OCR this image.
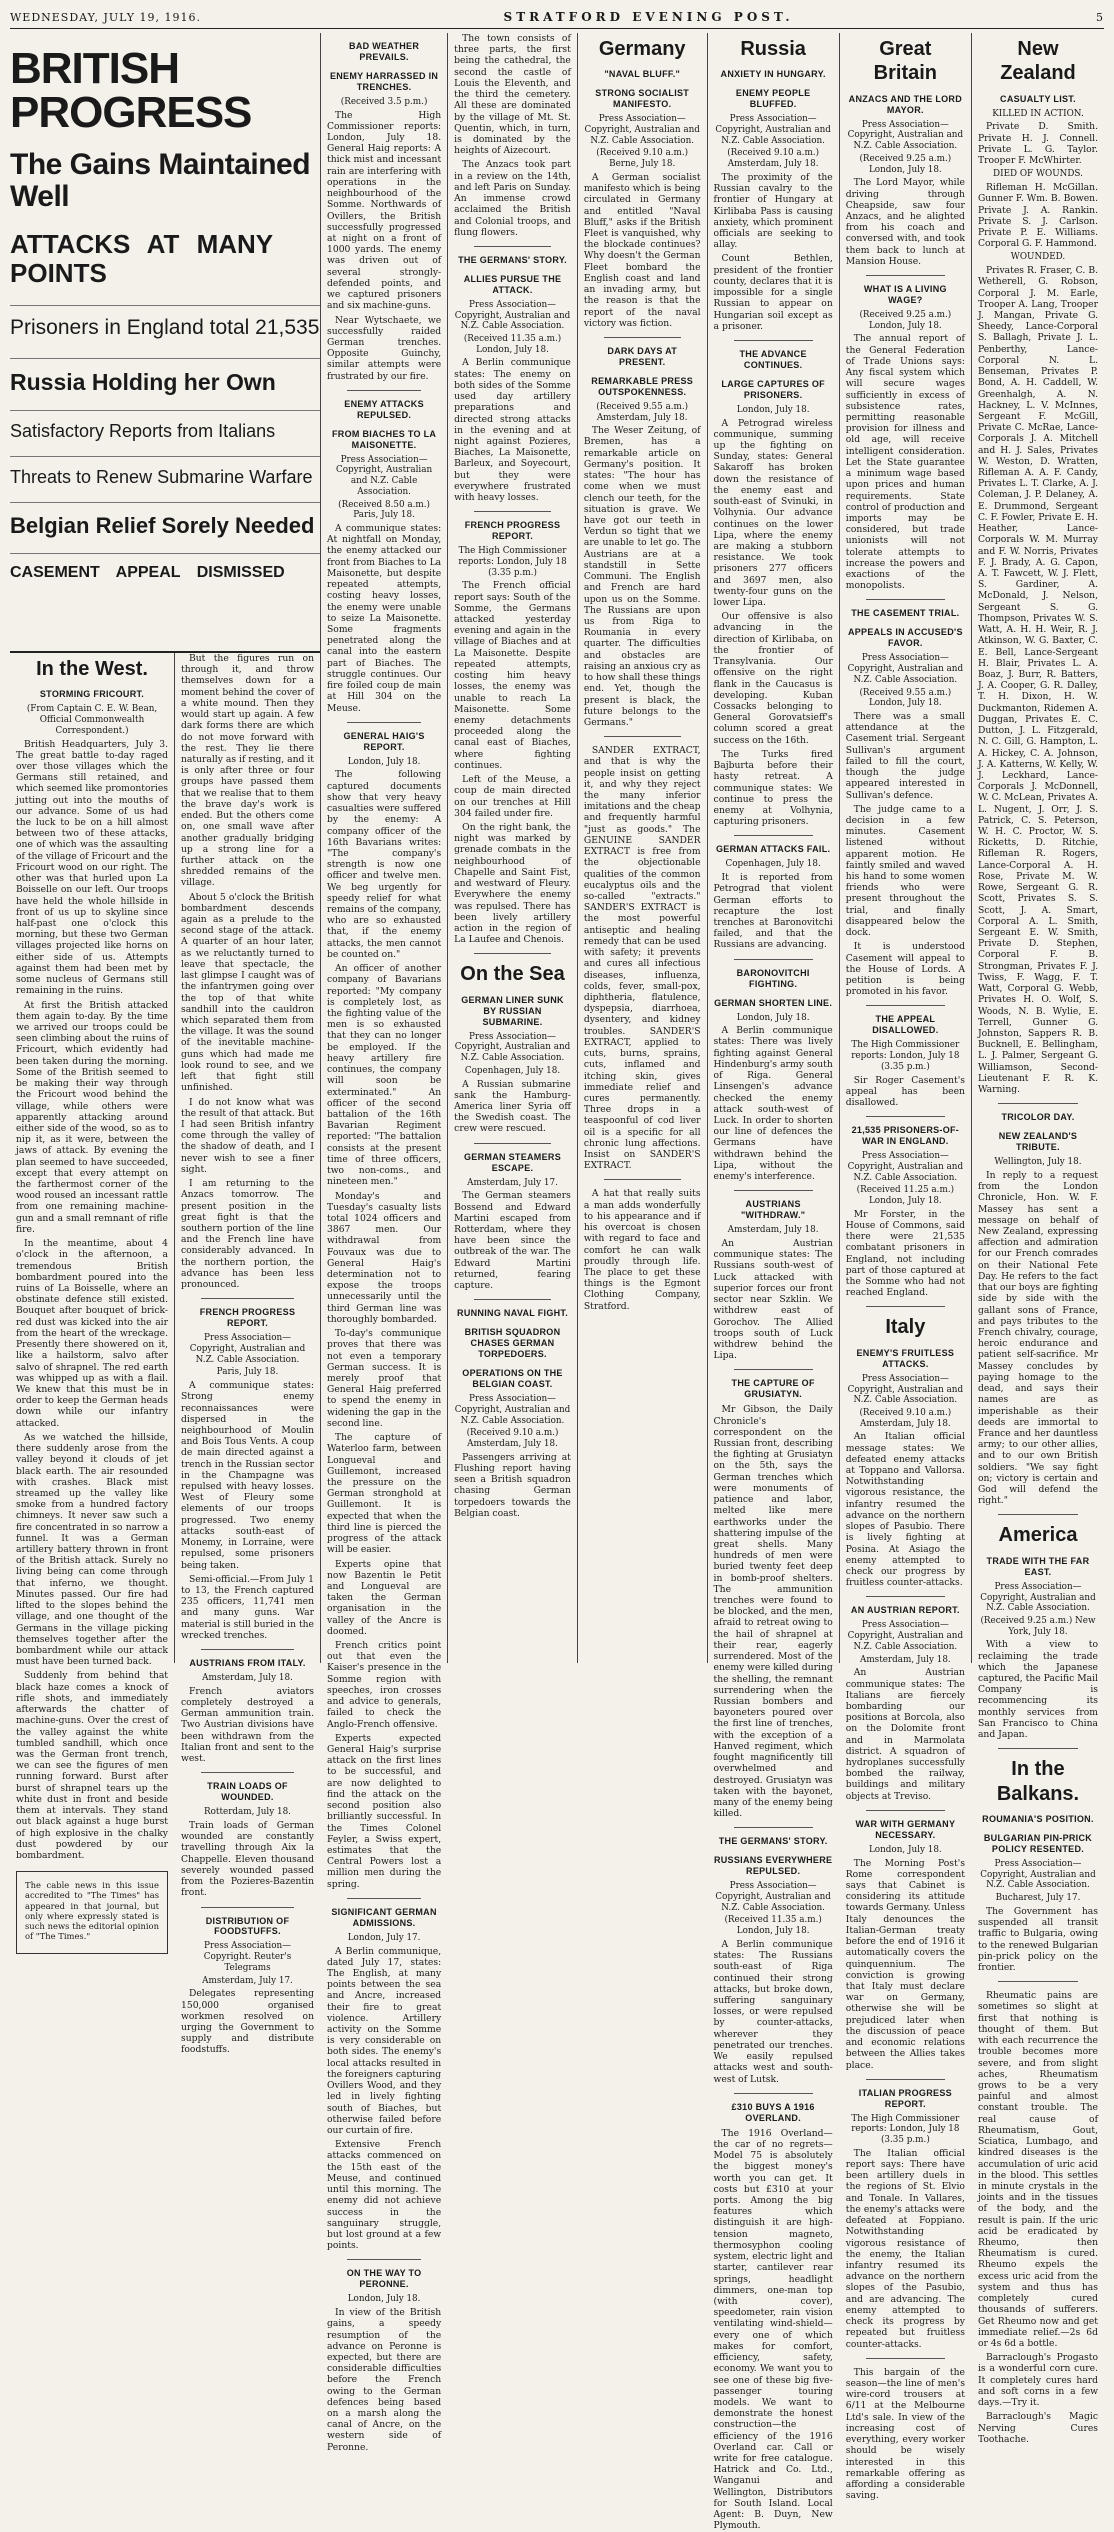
WEDNESDAY, JULY 19, 1916.	STRATFORD EVENING POST.	5
BRITISH PROGRESS
The Gains Maintained Well
ATTACKS AT MANY POINTS
Prisoners in England total 21,535
Russia Holding her Own
Satisfactory Reports from Italians
Threats to Renew Submarine Warfare
Belgian Relief Sorely Needed
CASEMENT APPEAL DISMISSED
In the West.
STORMING FRICOURT.
(From Captain C. E. W. Bean, Official Commonwealth Correspondent.)

British Headquarters, July 3. The great battle to-day raged over those villages which the Germans still retained, and which seemed like promontories jutting out into the mouths of our advance. Some of us had the luck to be on a hill almost between two of these attacks, one of which was the assaulting of the village of Fricourt and the Fricourt wood on our right. The other was that hurled upon La Boisselle on our left. Our troops have held the whole hillside in front of us up to skyline since half-past one o'clock this morning, but these two German villages projected like horns on either side of us. Attempts against them had been met by some nucleus of Germans still remaining in the ruins.

At first the British attacked them again to-day. By the time we arrived our troops could be seen climbing about the ruins of Fricourt, which evidently had been taken during the morning. Some of the British seemed to be making their way through the Fricourt wood behind the village, while others were apparently attacking around either side of the wood, so as to nip it, as it were, between the jaws of attack. By evening the plan seemed to have succeeded, except that every attempt on the farthermost corner of the wood roused an incessant rattle from one remaining machine-gun and a small remnant of rifle fire.

In the meantime, about 4 o'clock in the afternoon, a tremendous British bombardment poured into the ruins of La Boisselle, where an obstinate defence still existed. Bouquet after bouquet of brick-red dust was kicked into the air from the heart of the wreckage. Presently there showered on it, like a hailstorm, salvo after salvo of shrapnel. The red earth was whipped up as with a flail. We knew that this must be in order to keep the German heads down while our infantry attacked.

As we watched the hillside, there suddenly arose from the valley beyond it clouds of jet black earth. The air resounded with crashes. Black mist streamed up the valley like smoke from a hundred factory chimneys. It never saw such a fire concentrated in so narrow a funnel. It was a German artillery battery thrown in front of the British attack. Surely no living being can come through that inferno, we thought. Minutes passed. Our fire had lifted to the slopes behind the village, and one thought of the Germans in the village picking themselves together after the bombardment while our attack must have been turned back.

Suddenly from behind that black haze comes a knock of rifle shots, and immediately afterwards the chatter of machine-guns. Over the crest of the valley against the white tumbled sandhill, which once was the German front trench, we can see the figures of men running forward. Burst after burst of shrapnel tears up the white dust in front and beside them at intervals. They stand out black against a huge burst of high explosive in the chalky dust powdered by our bombardment.

The cable news in this issue accredited to "The Times" has appeared in that journal, but only where expressly stated is such news the editorial opinion of "The Times."

But the figures run on through it, and throw themselves down for a moment behind the cover of a white mound. Then they would start up again. A few dark forms there are which do not move forward with the rest. They lie there naturally as if resting, and it is only after three or four groups have passed them that we realise that to them the brave day's work is ended. But the others come on, one small wave after another gradually bridging up a strong line for a further attack on the shredded remains of the village.

About 5 o'clock the British bombardment descends again as a prelude to the second stage of the attack. A quarter of an hour later, as we reluctantly turned to leave that spectacle, the last glimpse I caught was of the infantrymen going over the top of that white sandhill into the cauldron which separated them from the village. It was the sound of the inevitable machine-guns which had made me look round to see, and we left that fight still unfinished.

I do not know what was the result of that attack. But I had seen British infantry come through the valley of the shadow of death, and I never wish to see a finer sight.

I am returning to the Anzacs tomorrow. The present position in the great fight is that the southern portion of the line and the French line have considerably advanced. In the northern portion, the advance has been less pronounced.

FRENCH PROGRESS REPORT.
Press Association—Copyright, Australian and N.Z. Cable Association.
Paris, July 18.

A communique states: Strong enemy reconnaissances were dispersed in the neighbourhood of Moulin and Bois Tous Vents. A coup de main directed against a trench in the Russian sector in the Champagne was repulsed with heavy losses. West of Fleury some elements of our troops progressed. Two enemy attacks south-east of Monemy, in Lorraine, were repulsed, some prisoners being taken.

Semi-official.—From July 1 to 13, the French captured 235 officers, 11,741 men and many guns. War material is still buried in the wrecked trenches.

AUSTRIANS FROM ITALY.
Amsterdam, July 18.

French aviators completely destroyed a German ammunition train. Two Austrian divisions have been withdrawn from the Italian front and sent to the west.

TRAIN LOADS OF WOUNDED.
Rotterdam, July 18.

Train loads of German wounded are constantly travelling through Aix la Chappelle. Eleven thousand severely wounded passed from the Pozieres-Bazentin front.

DISTRIBUTION OF FOODSTUFFS.
Press Association—Copyright. Reuter's Telegrams
Amsterdam, July 17.

Delegates representing 150,000 organised workmen resolved on urging the Government to supply and distribute foodstuffs.

BAD WEATHER PREVAILS.
ENEMY HARRASSED IN TRENCHES.
(Received 3.5 p.m.)

The High Commissioner reports: London, July 18. General Haig reports: A thick mist and incessant rain are interfering with operations in the neighbourhood of the Somme. Northwards of Ovillers, the British successfully progressed at night on a front of 1000 yards. The enemy was driven out of several strongly-defended points, and we captured prisoners and six machine-guns.

Near Wytschaete, we successfully raided German trenches. Opposite Guinchy, similar attempts were frustrated by our fire.

ENEMY ATTACKS REPULSED.
FROM BIACHES TO LA MAISONETTE.
Press Association—Copyright, Australian and N.Z. Cable Association.
(Received 8.50 a.m.) Paris, July 18.

A communique states: At nightfall on Monday, the enemy attacked our front from Biaches to La Maisonette, but despite repeated attempts, costing heavy losses, the enemy were unable to seize La Maisonette. Some fragments penetrated along the canal into the eastern part of Biaches. The struggle continues. Our fire foiled coup de main at Hill 304 on the Meuse.

GENERAL HAIG'S REPORT.
London, July 18.

The following captured documents show that very heavy casualties were suffered by the enemy: A company officer of the 16th Bavarians writes: "The company's strength is now one officer and twelve men. We beg urgently for speedy relief for what remains of the company, who are so exhausted that, if the enemy attacks, the men cannot be counted on."

An officer of another company of Bavarians reported: "My company is completely lost, as the fighting value of the men is so exhausted that they can no longer be employed. If the heavy artillery fire continues, the company will soon be exterminated." An officer of the second battalion of the 16th Bavarian Regiment reported: "The battalion consists at the present time of three officers, two non-coms., and nineteen men."

Monday's and Tuesday's casualty lists total 1024 officers and 3867 men. Our withdrawal from Fouvaux was due to General Haig's determination not to expose the troops unnecessarily until the third German line was thoroughly bombarded.

To-day's communique proves that there was not even a temporary German success. It is merely proof that General Haig preferred to spend the enemy in widening the gap in the second line.

The capture of Waterloo farm, between Longueval and Guillemont, increased the pressure on the German stronghold at Guillemont. It is expected that when the third line is pierced the progress of the attack will be easier.

Experts opine that now Bazentin le Petit and Longueval are taken the German organisation in the valley of the Ancre is doomed.

French critics point out that even the Kaiser's presence in the Somme region with speeches, iron crosses and advice to generals, failed to check the Anglo-French offensive.

Experts expected General Haig's surprise attack on the first lines to be successful, and are now delighted to find the attack on the second position also brilliantly successful. In the Times Colonel Feyler, a Swiss expert, estimates that the Central Powers lost a million men during the spring.

SIGNIFICANT GERMAN ADMISSIONS.
London, July 17.

A Berlin communique, dated July 17, states: The English, at many points between the sea and Ancre, increased their fire to great violence. Artillery activity on the Somme is very considerable on both sides. The enemy's local attacks resulted in the foreigners capturing Ovillers Wood, and they led in lively fighting south of Biaches, but otherwise failed before our curtain of fire.

Extensive French attacks commenced on the 15th east of the Meuse, and continued until this morning. The enemy did not achieve success in the sanguinary struggle, but lost ground at a few points.

ON THE WAY TO PERONNE.
London, July 18.

In view of the British gains, a speedy resumption of the advance on Peronne is expected, but there are considerable difficulties before the French owing to the German defences being based on a marsh along the canal of Ancre, on the western side of Peronne.

The town consists of three parts, the first being the cathedral, the second the castle of Louis the Eleventh, and the third the cemetery. All these are dominated by the village of Mt. St. Quentin, which, in turn, is dominated by the heights of Aizecourt.

The Anzacs took part in a review on the 14th, and left Paris on Sunday. An immense crowd acclaimed the British and Colonial troops, and flung flowers.

THE GERMANS' STORY.
ALLIES PURSUE THE ATTACK.
Press Association—Copyright, Australian and N.Z. Cable Association.
(Received 11.35 a.m.) London, July 18.

A Berlin communique states: The enemy on both sides of the Somme used day artillery preparations and directed strong attacks in the evening and at night against Pozieres, Biaches, La Maisonette, Barleux, and Soyecourt, but they were everywhere frustrated with heavy losses.

FRENCH PROGRESS REPORT.
The High Commissioner reports: London, July 18 (3.35 p.m.)

The French official report says: South of the Somme, the Germans attacked yesterday evening and again in the village of Biaches and at La Maisonette. Despite repeated attempts, costing him heavy losses, the enemy was unable to reach La Maisonette. Some enemy detachments proceeded along the canal east of Biaches, where fighting continues.

Left of the Meuse, a coup de main directed on our trenches at Hill 304 failed under fire.

On the right bank, the night was marked by grenade combats in the neighbourhood of Chapelle and Saint Fist, and westward of Fleury. Everywhere the enemy was repulsed. There has been lively artillery action in the region of La Laufee and Chenois.

On the Sea
GERMAN LINER SUNK BY RUSSIAN SUBMARINE.
Press Association—Copyright, Australian and N.Z. Cable Association.
Copenhagen, July 18.

A Russian submarine sank the Hamburg-America liner Syria off the Swedish coast. The crew were rescued.

GERMAN STEAMERS ESCAPE.
Amsterdam, July 17.

The German steamers Bossend and Edward Martini escaped from Rotterdam, where they have been since the outbreak of the war. The Edward Martini returned, fearing capture.

RUNNING NAVAL FIGHT.
BRITISH SQUADRON CHASES GERMAN TORPEDOERS.
OPERATIONS ON THE BELGIAN COAST.
Press Association—Copyright, Australian and N.Z. Cable Association.
(Received 9.10 a.m.) Amsterdam, July 18.

Passengers arriving at Flushing report having seen a British squadron chasing German torpedoers towards the Belgian coast.

Germany
"NAVAL BLUFF."
STRONG SOCIALIST MANIFESTO.
Press Association—Copyright, Australian and N.Z. Cable Association.
(Received 9.10 a.m.) Berne, July 18.

A German socialist manifesto which is being circulated in Germany and entitled "Naval Bluff," asks if the British Fleet is vanquished, why the blockade continues? Why doesn't the German Fleet bombard the English coast and land an invading army, but the reason is that the report of the naval victory was fiction.

DARK DAYS AT PRESENT.
REMARKABLE PRESS OUTSPOKENNESS.
(Received 9.55 a.m.) Amsterdam, July 18.

The Weser Zeitung, of Bremen, has a remarkable article on Germany's position. It states: "The hour has come when we must clench our teeth, for the situation is grave. We have got our teeth in Verdun so tight that we are unable to let go. The Austrians are at a standstill in Sette Communi. The English and French are hard upon us on the Somme. The Russians are upon us from Riga to Roumania in every quarter. The difficulties and obstacles are raising an anxious cry as to how shall these things end. Yet, though the present is black, the future belongs to the Germans."

SANDER EXTRACT, and that is why the people insist on getting it, and why they reject the many inferior imitations and the cheap and frequently harmful "just as goods." The GENUINE SANDER EXTRACT is free from the objectionable qualities of the common eucalyptus oils and the so-called "extracts." SANDER'S EXTRACT is the most powerful antiseptic and healing remedy that can be used with safety; it prevents and cures all infectious diseases, influenza, colds, fever, small-pox, diphtheria, flatulence, dyspepsia, diarrhoea, dysentery, and kidney troubles. SANDER'S EXTRACT, applied to cuts, burns, sprains, cuts, inflamed and itching skin, gives immediate relief and cures permanently. Three drops in a teaspoonful of cod liver oil is a specific for all chronic lung affections. Insist on SANDER'S EXTRACT.

A hat that really suits a man adds wonderfully to his appearance and if his overcoat is chosen with regard to face and comfort he can walk proudly through life. The place to get these things is the Egmont Clothing Company, Stratford.

Russia
ANXIETY IN HUNGARY.
ENEMY PEOPLE BLUFFED.
Press Association—Copyright, Australian and N.Z. Cable Association.
(Received 9.10 a.m.) Amsterdam, July 18.

The proximity of the Russian cavalry to the frontier of Hungary at Kirlibaba Pass is causing anxiety, which prominent officials are seeking to allay.

Count Bethlen, president of the frontier county, declares that it is impossible for a single Russian to appear on Hungarian soil except as a prisoner.

THE ADVANCE CONTINUES.
LARGE CAPTURES OF PRISONERS.
London, July 18.

A Petrograd wireless communique, summing up the fighting on Sunday, states: General Sakaroff has broken down the resistance of the enemy east and south-east of Svinuki, in Volhynia. Our advance continues on the lower Lipa, where the enemy are making a stubborn resistance. We took prisoners 277 officers and 3697 men, also twenty-four guns on the lower Lipa.

Our offensive is also advancing in the direction of Kirlibaba, on the frontier of Transylvania. Our offensive on the right flank in the Caucasus is developing. Kuban Cossacks belonging to General Gorovatsieff's column scored a great success on the 16th.

The Turks fired Bajburta before their hasty retreat. A communique states: We continue to press the enemy at Volhynia, capturing prisoners.

GERMAN ATTACKS FAIL.
Copenhagen, July 18.

It is reported from Petrograd that violent German efforts to recapture the lost trenches at Baronovitchi failed, and that the Russians are advancing.

BARONOVITCHI FIGHTING.
GERMAN SHORTEN LINE.
London, July 18.

A Berlin communique states: There was lively fighting against General Hindenburg's army south of Riga. General Linsengen's advance checked the enemy attack south-west of Luck. In order to shorten our line of defences the Germans have withdrawn behind the Lipa, without the enemy's interference.

AUSTRIANS "WITHDRAW."
Amsterdam, July 18.

An Austrian communique states: The Russians south-west of Luck attacked with superior forces our front sector near Szklin. We withdrew east of Gorochov. The Allied troops south of Luck withdrew behind the Lipa.

THE CAPTURE OF GRUSIATYN.

Mr Gibson, the Daily Chronicle's correspondent on the Russian front, describing the fighting at Grusiatyn on the 5th, says the German trenches which were monuments of patience and labor, melted like mere earthworks under the shattering impulse of the great shells. Many hundreds of men were buried twenty feet deep in bomb-proof shelters. The ammunition trenches were found to be blocked, and the men, afraid to retreat owing to the hail of shrapnel at their rear, eagerly surrendered. Most of the enemy were killed during the shelling, the remnant surrendering when the Russian bombers and bayoneters poured over the first line of trenches, with the exception of a Hanved regiment, which fought magnificently till overwhelmed and destroyed. Grusiatyn was taken with the bayonet, many of the enemy being killed.

THE GERMANS' STORY.
RUSSIANS EVERYWHERE REPULSED.
Press Association—Copyright, Australian and N.Z. Cable Association.
(Received 11.35 a.m.) London, July 18.

A Berlin communique states: The Russians south-east of Riga continued their strong attacks, but broke down, suffering sanguinary losses, or were repulsed by counter-attacks, wherever they penetrated our trenches. We easily repulsed attacks west and south-west of Lutsk.

£310 BUYS A 1916 OVERLAND.

The 1916 Overland—the car of no regrets—Model 75 is absolutely the biggest money's worth you can get. It costs but £310 at your ports. Among the big features which distinguish it are high-tension magneto, thermosyphon cooling system, electric light and starter, cantilever rear springs, headlight dimmers, one-man top (with cover), speedometer, rain vision ventilating wind-shield—every one of which makes for comfort, efficiency, safety, economy. We want you to see one of these big five-passenger touring models. We want to demonstrate the honest construction—the efficiency of the 1916 Overland car. Call or write for free catalogue. Hatrick and Co. Ltd., Wanganui and Wellington, Distributors for South Island. Local Agent: B. Duyn, New Plymouth.

Great Britain
ANZACS AND THE LORD MAYOR.
Press Association—Copyright, Australian and N.Z. Cable Association.
(Received 9.25 a.m.) London, July 18.

The Lord Mayor, while driving through Cheapside, saw four Anzacs, and he alighted from his coach and conversed with, and took them back to lunch at Mansion House.

WHAT IS A LIVING WAGE?
(Received 9.25 a.m.) London, July 18.

The annual report of the General Federation of Trade Unions says: Any fiscal system which will secure wages sufficiently in excess of subsistence rates, permitting reasonable provision for illness and old age, will receive intelligent consideration. Let the State guarantee a minimum wage based upon prices and human requirements. State control of production and imports may be considered, but trade unionists will not tolerate attempts to increase the powers and exactions of the monopolists.

THE CASEMENT TRIAL.
APPEALS IN ACCUSED'S FAVOR.
Press Association—Copyright, Australian and N.Z. Cable Association.
(Received 9.55 a.m.) London, July 18.

There was a small attendance at the Casement trial. Sergeant Sullivan's argument failed to fill the court, though the judge appeared interested in Sullivan's defence.

The judge came to a decision in a few minutes. Casement listened without apparent motion. He faintly smiled and waved his hand to some women friends who were present throughout the trial, and finally disappeared below the dock.

It is understood Casement will appeal to the House of Lords. A petition is being promoted in his favor.

THE APPEAL DISALLOWED.
The High Commissioner reports: London, July 18 (3.35 p.m.)

Sir Roger Casement's appeal has been disallowed.

21,535 PRISONERS-OF-WAR IN ENGLAND.
Press Association—Copyright, Australian and N.Z. Cable Association.
(Received 11.25 a.m.) London, July 18.

Mr Forster, in the House of Commons, said there were 21,535 combatant prisoners in England, not including part of those captured at the Somme who had not reached England.

Italy
ENEMY'S FRUITLESS ATTACKS.
Press Association—Copyright, Australian and N.Z. Cable Association.
(Received 9.10 a.m.) Amsterdam, July 18.

An Italian official message states: We defeated enemy attacks at Toppano and Vallorsa. Notwithstanding vigorous resistance, the infantry resumed the advance on the northern slopes of Pasubio. There is lively fighting at Posina. At Asiago the enemy attempted to check our progress by fruitless counter-attacks.

AN AUSTRIAN REPORT.
Press Association—Copyright, Australian and N.Z. Cable Association.
Amsterdam, July 18.

An Austrian communique states: The Italians are fiercely bombarding our positions at Borcola, also on the Dolomite front and in Marmolata district. A squadron of hydroplanes successfully bombed the railway, buildings and military objects at Treviso.

WAR WITH GERMANY NECESSARY.
London, July 18.

The Morning Post's Rome correspondent says that Cabinet is considering its attitude towards Germany. Unless Italy denounces the Italian-German treaty before the end of 1916 it automatically covers the quinquennium. The conviction is growing that Italy must declare war on Germany, otherwise she will be prejudiced later when the discussion of peace and economic relations between the Allies takes place.

ITALIAN PROGRESS REPORT.
The High Commissioner reports: London, July 18 (3.35 p.m.)

The Italian official report says: There have been artillery duels in the regions of St. Elvio and Tonale. In Vallares, the enemy's attacks were defeated at Foppiano. Notwithstanding vigorous resistance of the enemy, the Italian infantry resumed its advance on the northern slopes of the Pasubio, and are advancing. The enemy attempted to check its progress by repeated but fruitless counter-attacks.

This bargain of the season—the line of men's wire-cord trousers at 6/11 at the Melbourne Ltd's sale. In view of the increasing cost of everything, every worker should be wisely interested in this remarkable offering as affording a considerable saving.

New Zealand
CASUALTY LIST.
KILLED IN ACTION.

Private D. Smith. Private H. J. Connell. Private L. G. Taylor. Trooper F. McWhirter.

DIED OF WOUNDS.

Rifleman H. McGillan. Gunner F. Wm. B. Bowen. Private J. A. Rankin. Private S. J. Carlson. Private P. E. Williams. Corporal G. F. Hammond.

WOUNDED.

Privates R. Fraser, C. B. Wetherell, G. Robson, Corporal J. M. Earle, Trooper A. Lang, Trooper J. Mangan, Private G. Sheedy, Lance-Corporal S. Ballagh, Private J. L. Penberthy, Lance-Corporal N. L. Benseman, Privates P. Bond, A. H. Caddell, W. Greenhalgh, A. N. Hackney, L. V. McInnes, Sergeant F. McGill, Private C. McRae, Lance-Corporals J. A. Mitchell and H. J. Sales, Privates W. Weston, D. Wratten, Rifleman A. A. F. Candy, Privates L. T. Clarke, A. J. Coleman, J. P. Delaney, A. E. Drummond, Sergeant C. F. Fowler, Private E. H. Heather, Lance-Corporals W. M. Murray and F. W. Norris, Privates F. J. Brady, A. G. Capon, A. T. Fawcett, W. J. Flett, S. Gardiner, A. McDonald, J. Nelson, Sergeant S. G. Thompson, Privates W. S. Watt, A. H. H. Weir, R. J. Atkinson, W. G. Baxter, C. E. Bell, Lance-Sergeant H. Blair, Privates L. A. Boaz, J. Burr, R. Batters, J. A. Cooper, G. R. Dalley, T. H. Dixon, H. W. Duckmanton, Ridemen A. Duggan, Privates E. C. Dutton, J. L. Fitzgerald, N. C. Gill, G. Hampton, L. A. Hickey, C. A. Johnson, J. A. Katterns, W. Kelly, W. J. Leckhard, Lance-Corporals J. McDonnell, W. C. McLean, Privates A. L. Nugent, J. Orr, J. S. Patrick, C. S. Peterson, W. H. C. Proctor, W. S. Ricketts, D. Ritchie, Rifleman R. Rogers, Lance-Corporal A. H. Rose, Private M. W. Rowe, Sergeant G. R. Scott, Privates S. S. Scott, J. A. Smart, Corporal A. L. Smith, Sergeant E. W. Smith, Private D. Stephen, Corporal F. B. Strongman, Privates F. J. Twiss, F. Wagg, F. T. Watt, Corporal G. Webb, Privates H. O. Wolf, S. Woods, N. B. Wylie, E. Terrell, Gunner G. Johnston, Sappers R. B. Bucknell, E. Bellingham, L. J. Palmer, Sergeant G. Williamson, Second-Lieutenant F. R. K. Warning.

TRICOLOR DAY.
NEW ZEALAND'S TRIBUTE.
Wellington, July 18.

In reply to a request from the London Chronicle, Hon. W. F. Massey has sent a message on behalf of New Zealand, expressing affection and admiration for our French comrades on their National Fete Day. He refers to the fact that our boys are fighting side by side with the gallant sons of France, and pays tributes to the French chivalry, courage, heroic endurance and patient self-sacrifice. Mr Massey concludes by paying homage to the dead, and says their names are as imperishable as their deeds are immortal to France and her dauntless army; to our other allies, and to our own British soldiers. "We say fight on; victory is certain and God will defend the right."

America
TRADE WITH THE FAR EAST.
Press Association—Copyright, Australian and N.Z. Cable Association.
(Received 9.25 a.m.) New York, July 18.

With a view to reclaiming the trade which the Japanese captured, the Pacific Mail Company is recommencing its monthly services from San Francisco to China and Japan.

In the Balkans.
ROUMANIA'S POSITION.
BULGARIAN PIN-PRICK POLICY RESENTED.
Press Association—Copyright, Australian and N.Z. Cable Association.
Bucharest, July 17.

The Government has suspended all transit traffic to Bulgaria, owing to the renewed Bulgarian pin-prick policy on the frontier.

Rheumatic pains are sometimes so slight at first that nothing is thought of them. But with each recurrence the trouble becomes more severe, and from slight aches, Rheumatism grows to be a very painful and almost constant trouble. The real cause of Rheumatism, Gout, Sciatica, Lumbago, and kindred diseases is the accumulation of uric acid in the blood. This settles in minute crystals in the joints and in the tissues of the body, and the result is pain. If the uric acid be eradicated by Rheumo, then Rheumatism is cured. Rheumo expels the excess uric acid from the system and thus has completely cured thousands of sufferers. Get Rheumo now and get immediate relief.—2s 6d or 4s 6d a bottle.

Barraclough's Progasto is a wonderful corn cure. It completely cures hard and soft corns in a few days.—Try it.

Barraclough's Magic Nerving Cures Toothache.
